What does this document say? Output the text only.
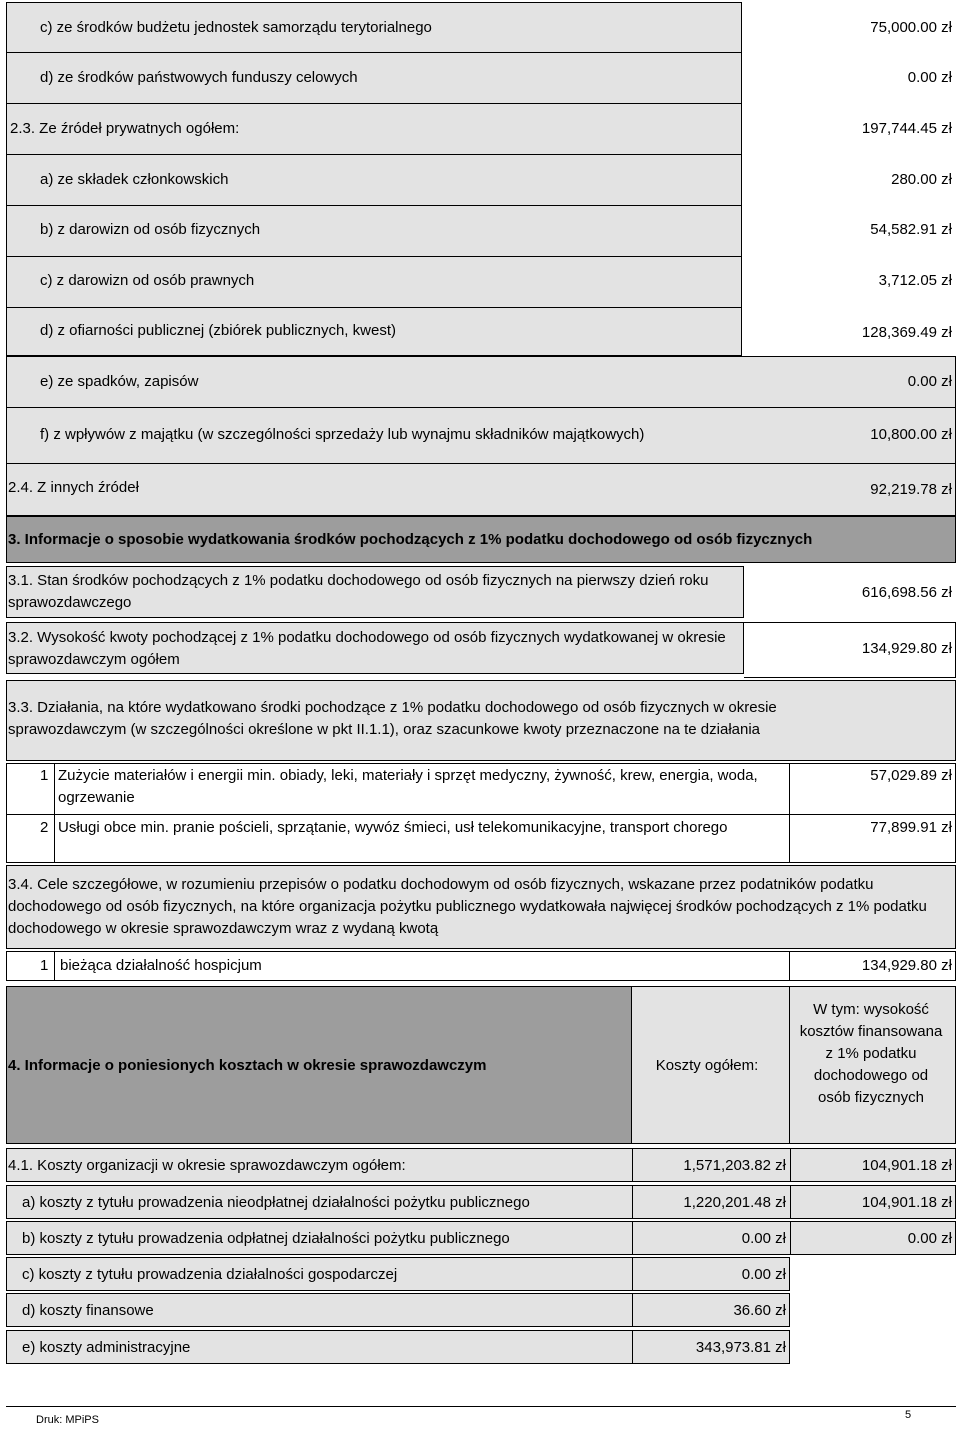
c) ze środków budżetu jednostek samorządu terytorialnego	75,000.00 zł
d) ze środków państwowych funduszy celowych	0.00 zł
2.3. Ze źródeł prywatnych ogółem:	197,744.45 zł
a) ze składek członkowskich	280.00 zł
b) z darowizn od osób fizycznych	54,582.91 zł
c) z darowizn od osób prawnych	3,712.05 zł
d) z ofiarności publicznej (zbiórek publicznych, kwest)	128,369.49 zł
e) ze spadków, zapisów	0.00 zł
f) z wpływów z majątku (w szczególności sprzedaży lub wynajmu składników majątkowych)	10,800.00 zł
2.4. Z innych źródeł	92,219.78 zł
3. Informacje o sposobie wydatkowania środków pochodzących z 1% podatku dochodowego od osób fizycznych
3.1. Stan środków pochodzących z 1% podatku dochodowego od osób fizycznych na pierwszy dzień roku sprawozdawczego
616,698.56 zł
3.2. Wysokość kwoty pochodzącej z 1% podatku dochodowego od osób fizycznych wydatkowanej w okresie sprawozdawczym ogółem
134,929.80 zł
3.3. Działania, na które wydatkowano środki pochodzące z 1% podatku dochodowego od osób fizycznych w okresie sprawozdawczym (w szczególności określone w pkt II.1.1), oraz szacunkowe kwoty przeznaczone na te działania
1 Zużycie materiałów i energii min. obiady, leki, materiały i sprzęt medyczny, żywność, krew, energia, woda, ogrzewanie
57,029.89 zł
2 Usługi obce min. pranie pościeli, sprzątanie, wywóz śmieci, usł telekomunikacyjne, transport chorego	77,899.91 zł
3.4. Cele szczegółowe, w rozumieniu przepisów o podatku dochodowym od osób fizycznych, wskazane przez podatników podatku dochodowego od osób fizycznych, na które organizacja pożytku publicznego wydatkowała najwięcej środków pochodzących z 1% podatku dochodowego w okresie sprawozdawczym wraz z wydaną kwotą
1 bieżąca działalność hospicjum	134,929.80 zł
4. Informacje o poniesionych kosztach w okresie sprawozdawczym	Koszty ogółem:
W tym: wysokość kosztów finansowana z 1% podatku dochodowego od osób fizycznych
4.1. Koszty organizacji w okresie sprawozdawczym ogółem:	1,571,203.82 zł	104,901.18 zł
a) koszty z tytułu prowadzenia nieodpłatnej działalności pożytku publicznego	1,220,201.48 zł	104,901.18 zł
b) koszty z tytułu prowadzenia odpłatnej działalności pożytku publicznego	0.00 zł	0.00 zł
c) koszty z tytułu prowadzenia działalności gospodarczej	0.00 zł
d) koszty finansowe	36.60 zł
e) koszty administracyjne	343,973.81 zł
Druk: MPiPS	5
